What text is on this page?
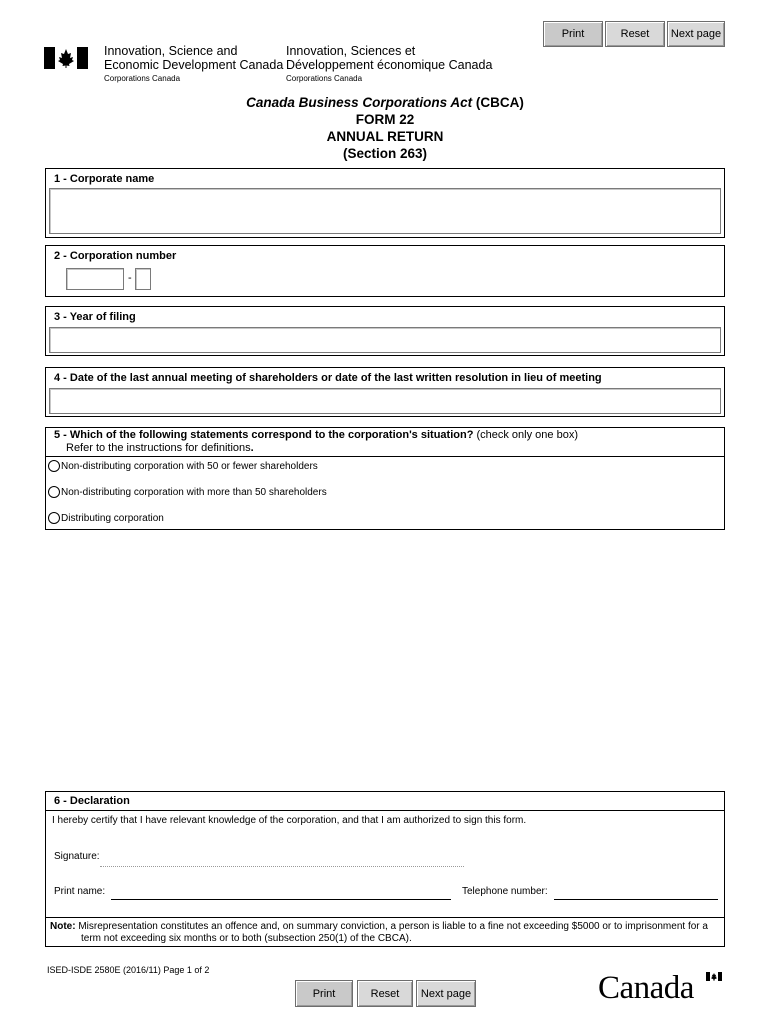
Print	Reset	Next page
Innovation, Science and
Economic Development Canada
Corporations Canada
Innovation, Sciences et
Développement économique Canada
Corporations Canada
Canada Business Corporations Act (CBCA)
FORM 22
ANNUAL RETURN
(Section 263)
1 - Corporate name
2 - Corporation number
-
3 - Year of filing
4 - Date of the last annual meeting of shareholders or date of the last written resolution in lieu of meeting
5 - Which of the following statements correspond to the corporation's situation? (check only one box)
Refer to the instructions for definitions.
Non-distributing corporation with 50 or fewer shareholders
Non-distributing corporation with more than 50 shareholders
Distributing corporation
6 - Declaration
I hereby certify that I have relevant knowledge of the corporation, and that I am authorized to sign this form.
Signature:
Print name:	Telephone number:
Note: Misrepresentation constitutes an offence and, on summary conviction, a person is liable to a fine not exceeding $5000 or to imprisonment for a
term not exceeding six months or to both (subsection 250(1) of the CBCA).
ISED-ISDE 2580E (2016/11) Page 1 of 2
Print	Reset	Next page	Canada
